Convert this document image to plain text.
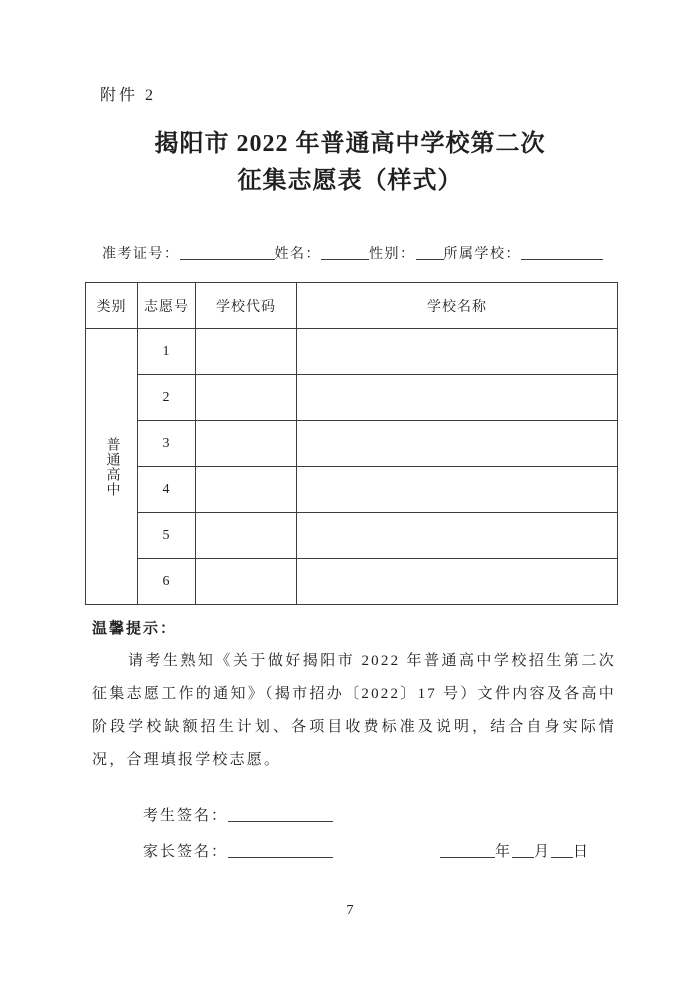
附件 2
揭阳市 2022 年普通高中学校第二次
征集志愿表（样式）
准考证号：	姓名：	性别： 所属学校：
类别	志愿号	学校代码	学校名称
普通高中	1		
	2		
	3		
	4		
	5		
	6		
温馨提示：

请考生熟知《关于做好揭阳市 2022 年普通高中学校招生第二次征集志愿工作的通知》（揭市招办〔2022〕17 号）文件内容及各高中阶段学校缺额招生计划、各项目收费标准及说明，结合自身实际情况，合理填报学校志愿。

考生签名：
家长签名：	年 月 日
7
